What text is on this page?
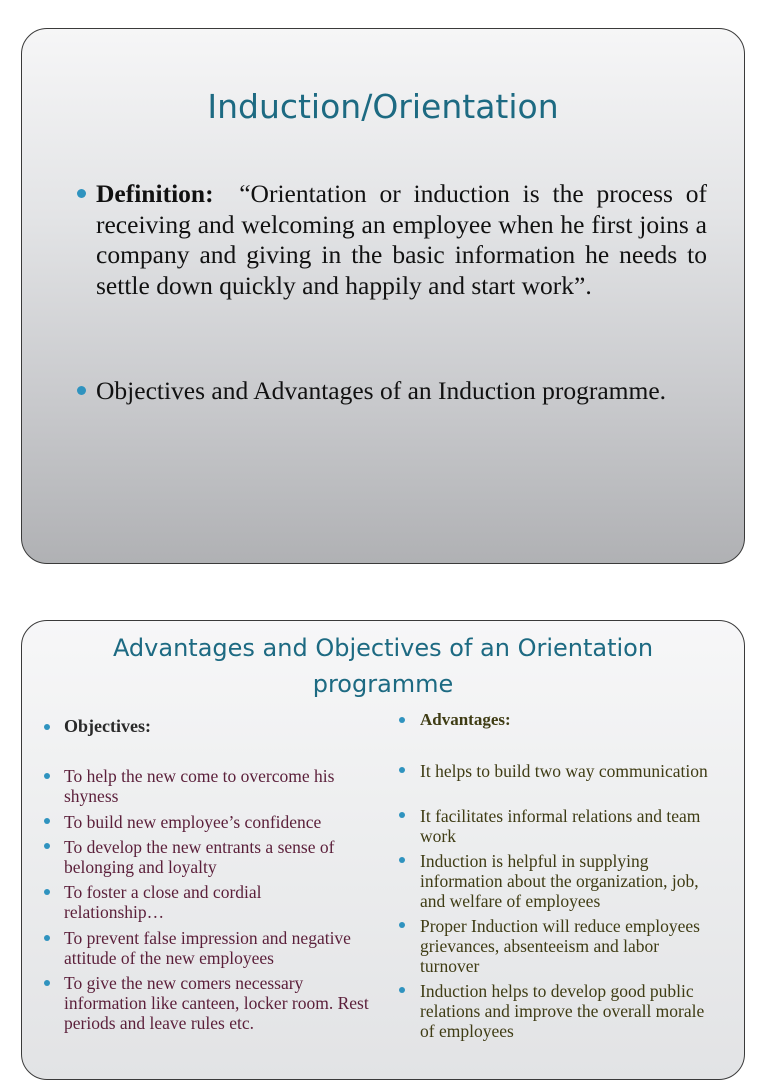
Induction/Orientation
Definition: “Orientation or induction is the process of receiving and welcoming an employee when he first joins a company and giving in the basic information he needs to settle down quickly and happily and start work”.
Objectives and Advantages of an Induction programme.
Advantages and Objectives of an Orientation
programme
Objectives:
To help the new come to overcome his shyness
To build new employee’s confidence
To develop the new entrants a sense of belonging and loyalty
To foster a close and cordial relationship…
To prevent false impression and negative attitude of the new employees
To give the new comers necessary information like canteen, locker room. Rest periods and leave rules etc.
Advantages:
It helps to build two way communication
It facilitates informal relations and team work
Induction is helpful in supplying information about the organization, job, and welfare of employees
Proper Induction will reduce employees grievances, absenteeism and labor turnover
Induction helps to develop good public relations and improve the overall morale of employees
